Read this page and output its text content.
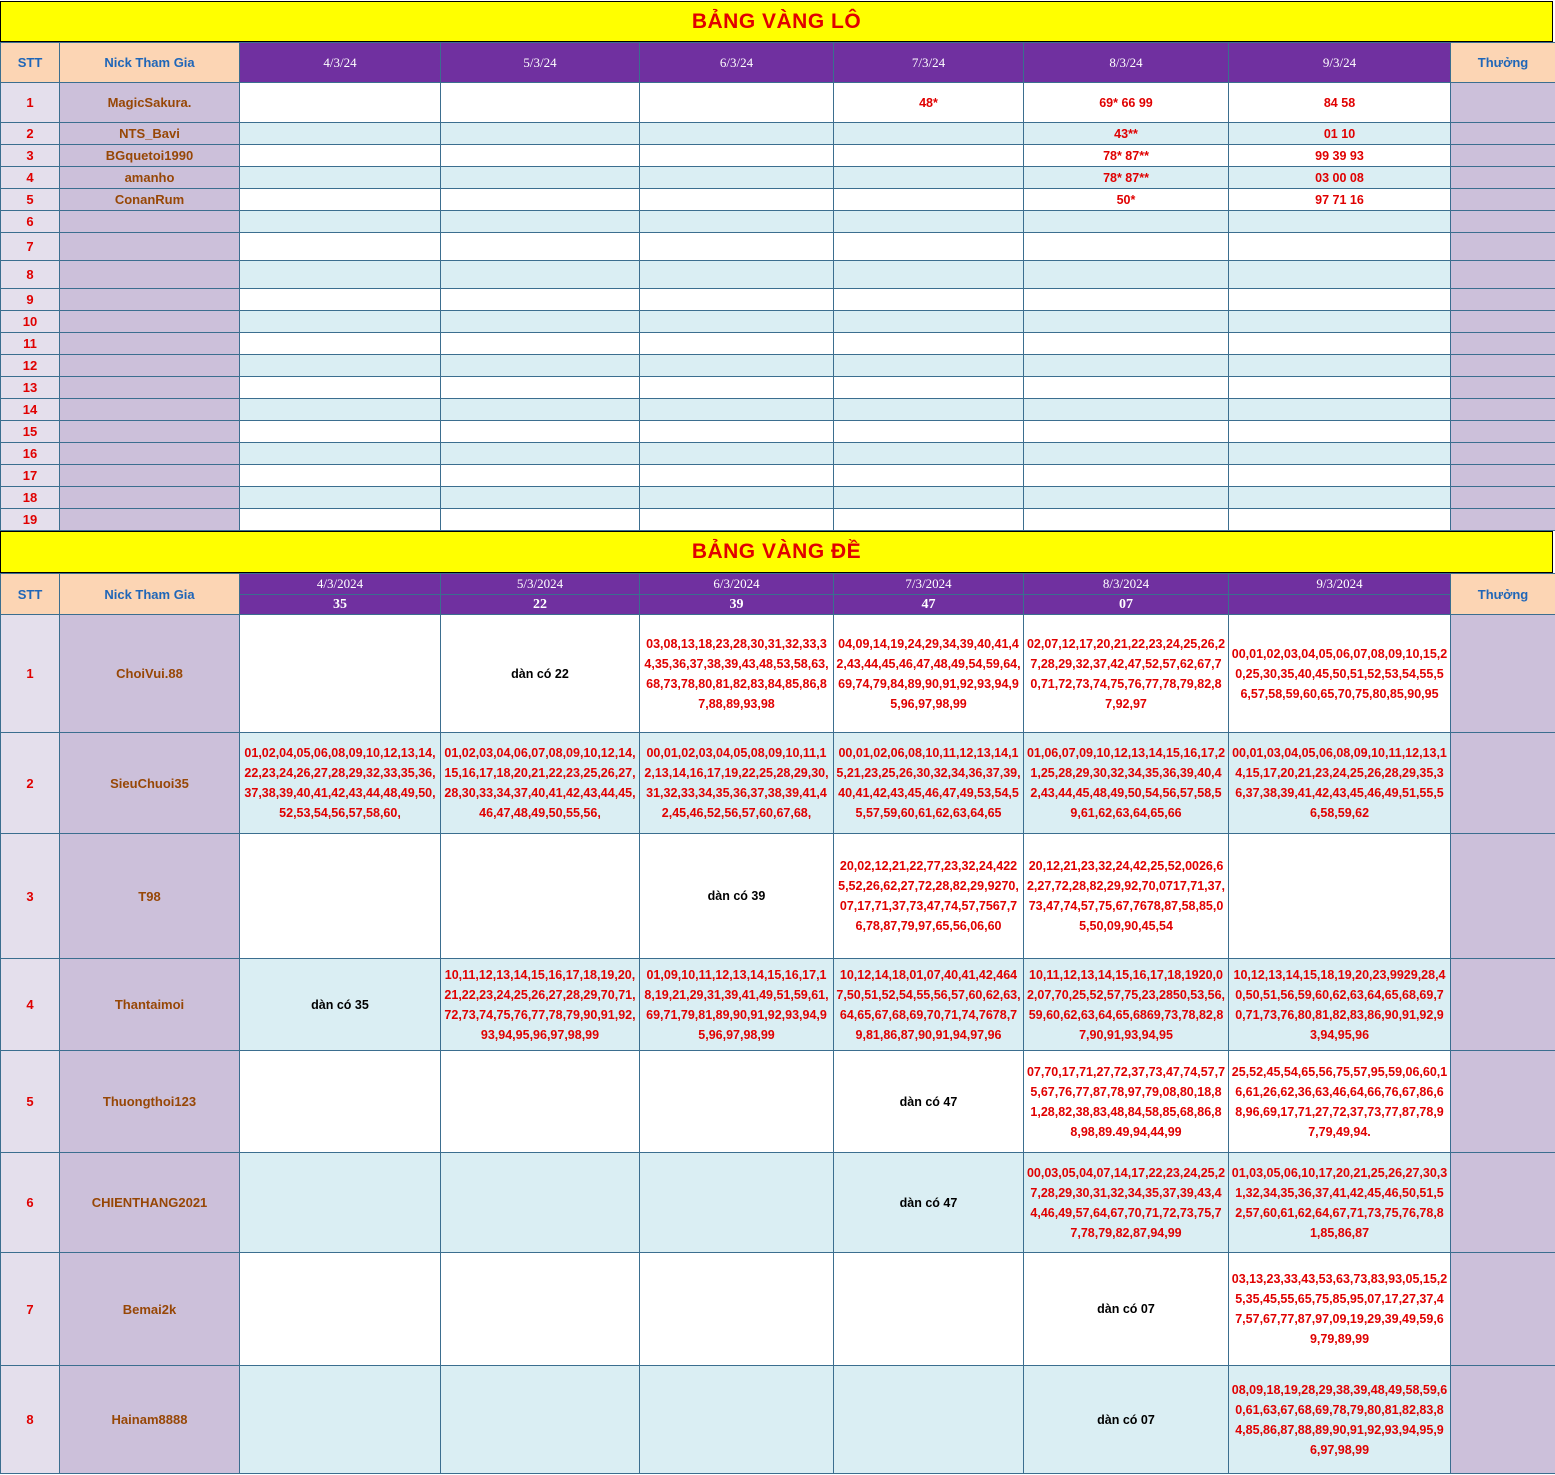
BẢNG VÀNG LÔ
STT	Nick Tham Gia	4/3/24	5/3/24	6/3/24	7/3/24	8/3/24	9/3/24	Thưởng
1	MagicSakura.				48*	69* 66 99	84 58	
2	NTS_Bavi					43**	01 10	
3	BGquetoi1990					78* 87**	99 39 93	
4	amanho					78* 87**	03 00 08	
5	ConanRum					50*	97 71 16	
6								
7								
8								
9								
10								
11								
12								
13								
14								
15								
16								
17								
18								
19								
BẢNG VÀNG ĐỀ
STT	Nick Tham Gia	4/3/2024	5/3/2024	6/3/2024	7/3/2024	8/3/2024	9/3/2024	Thưởng
		35	22	39	47	07		
1	ChoiVui.88		dàn có 22	03,08,13,18,23,28,30,31,32,33,34,35,36,37,38,39,43,48,53,58,63,68,73,78,80,81,82,83,84,85,86,87,88,89,93,98	04,09,14,19,24,29,34,39,40,41,42,43,44,45,46,47,48,49,54,59,64,69,74,79,84,89,90,91,92,93,94,95,96,97,98,99	02,07,12,17,20,21,22,23,24,25,26,27,28,29,32,37,42,47,52,57,62,67,70,71,72,73,74,75,76,77,78,79,82,87,92,97	00,01,02,03,04,05,06,07,08,09,10,15,20,25,30,35,40,45,50,51,52,53,54,55,56,57,58,59,60,65,70,75,80,85,90,95	

2	SieuChuoi35	01,02,04,05,06,08,09,10,12,13,14,22,23,24,26,27,28,29,32,33,35,36,37,38,39,40,41,42,43,44,48,49,50,52,53,54,56,57,58,60,	01,02,03,04,06,07,08,09,10,12,14,15,16,17,18,20,21,22,23,25,26,27,28,30,33,34,37,40,41,42,43,44,45,46,47,48,49,50,55,56,	00,01,02,03,04,05,08,09,10,11,12,13,14,16,17,19,22,25,28,29,30,31,32,33,34,35,36,37,38,39,41,42,45,46,52,56,57,60,67,68,	00,01,02,06,08,10,11,12,13,14,15,21,23,25,26,30,32,34,36,37,39,40,41,42,43,45,46,47,49,53,54,55,57,59,60,61,62,63,64,65	01,06,07,09,10,12,13,14,15,16,17,21,25,28,29,30,32,34,35,36,39,40,42,43,44,45,48,49,50,54,56,57,58,59,61,62,63,64,65,66	00,01,03,04,05,06,08,09,10,11,12,13,14,15,17,20,21,23,24,25,26,28,29,35,36,37,38,39,41,42,43,45,46,49,51,55,56,58,59,62	

3	T98			dàn có 39	20,02,12,21,22,77,23,32,24,4225,52,26,62,27,72,28,82,29,9270,07,17,71,37,73,47,74,57,7567,76,78,87,79,97,65,56,06,60	20,12,21,23,32,24,42,25,52,0026,62,27,72,28,82,29,92,70,0717,71,37,73,47,74,57,75,67,7678,87,58,85,05,50,09,90,45,54		

4	Thantaimoi	dàn có 35	10,11,12,13,14,15,16,17,18,19,20,21,22,23,24,25,26,27,28,29,70,71,72,73,74,75,76,77,78,79,90,91,92,93,94,95,96,97,98,99	01,09,10,11,12,13,14,15,16,17,18,19,21,29,31,39,41,49,51,59,61,69,71,79,81,89,90,91,92,93,94,95,96,97,98,99	10,12,14,18,01,07,40,41,42,4647,50,51,52,54,55,56,57,60,62,63,64,65,67,68,69,70,71,74,7678,79,81,86,87,90,91,94,97,96	10,11,12,13,14,15,16,17,18,1920,02,07,70,25,52,57,75,23,2850,53,56,59,60,62,63,64,65,6869,73,78,82,87,90,91,93,94,95	10,12,13,14,15,18,19,20,23,9929,28,40,50,51,56,59,60,62,63,64,65,68,69,70,71,73,76,80,81,82,83,86,90,91,92,93,94,95,96	

5	Thuongthoi123				dàn có 47	07,70,17,71,27,72,37,73,47,74,57,75,67,76,77,87,78,97,79,08,80,18,81,28,82,38,83,48,84,58,85,68,86,88,98,89.49,94,44,99	25,52,45,54,65,56,75,57,95,59,06,60,16,61,26,62,36,63,46,64,66,76,67,86,68,96,69,17,71,27,72,37,73,77,87,78,97,79,49,94.	

6	CHIENTHANG2021				dàn có 47	00,03,05,04,07,14,17,22,23,24,25,27,28,29,30,31,32,34,35,37,39,43,44,46,49,57,64,67,70,71,72,73,75,77,78,79,82,87,94,99	01,03,05,06,10,17,20,21,25,26,27,30,31,32,34,35,36,37,41,42,45,46,50,51,52,57,60,61,62,64,67,71,73,75,76,78,81,85,86,87	

7	Bemai2k					dàn có 07	03,13,23,33,43,53,63,73,83,93,05,15,25,35,45,55,65,75,85,95,07,17,27,37,47,57,67,77,87,97,09,19,29,39,49,59,69,79,89,99	

8	Hainam8888					dàn có 07	08,09,18,19,28,29,38,39,48,49,58,59,60,61,63,67,68,69,78,79,80,81,82,83,84,85,86,87,88,89,90,91,92,93,94,95,96,97,98,99	
